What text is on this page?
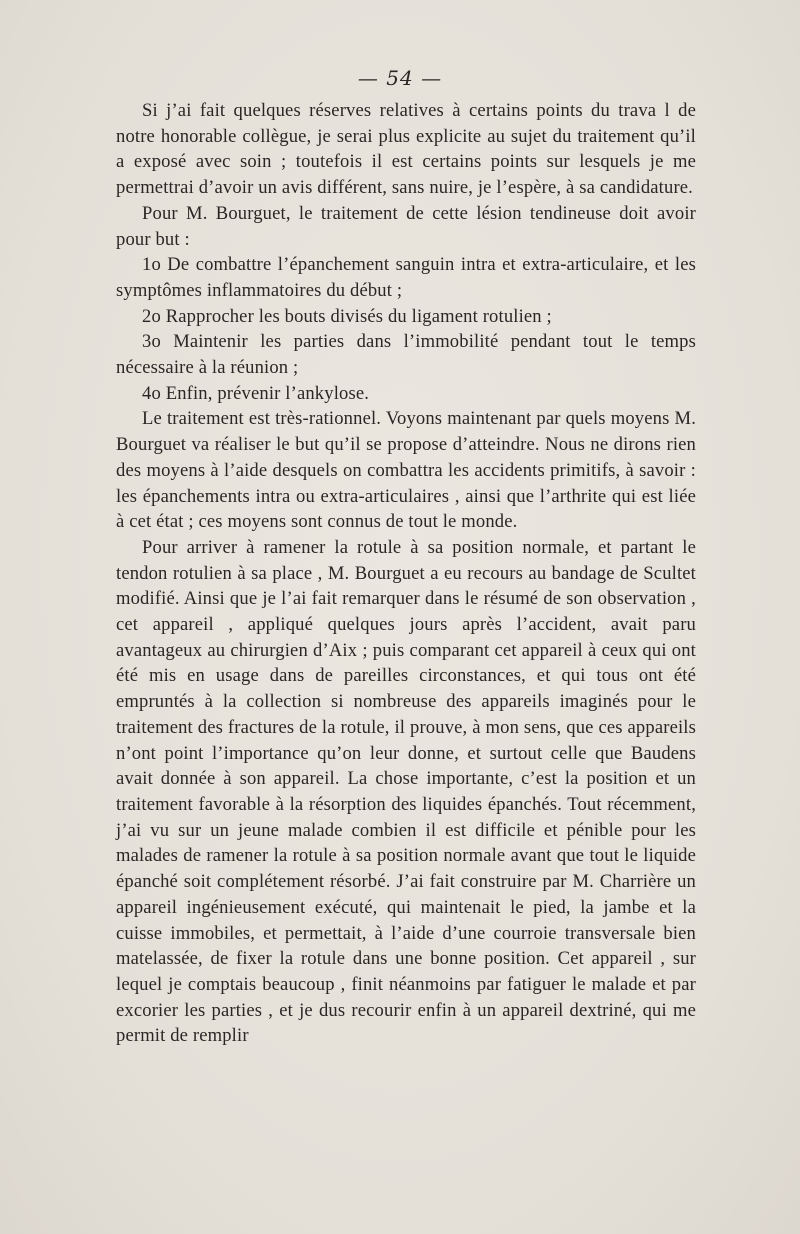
— 54 —

Si j’ai fait quelques réserves relatives à certains points du trava l de notre honorable collègue, je serai plus explicite au sujet du traitement qu’il a exposé avec soin ; toutefois il est certains points sur lesquels je me permettrai d’avoir un avis différent, sans nuire, je l’espère, à sa candidature.

Pour M. Bourguet, le traitement de cette lésion tendineuse doit avoir pour but :

1o De combattre l’épanchement sanguin intra et extra-articulaire, et les symptômes inflammatoires du début ;

2o Rapprocher les bouts divisés du ligament rotulien ;

3o Maintenir les parties dans l’immobilité pendant tout le temps nécessaire à la réunion ;

4o Enfin, prévenir l’ankylose.

Le traitement est très-rationnel. Voyons maintenant par quels moyens M. Bourguet va réaliser le but qu’il se propose d’atteindre. Nous ne dirons rien des moyens à l’aide desquels on combattra les accidents primitifs, à savoir : les épanchements intra ou extra-articulaires , ainsi que l’arthrite qui est liée à cet état ; ces moyens sont connus de tout le monde.

Pour arriver à ramener la rotule à sa position normale, et partant le tendon rotulien à sa place , M. Bourguet a eu recours au bandage de Scultet modifié. Ainsi que je l’ai fait remarquer dans le résumé de son observation , cet appareil , appliqué quelques jours après l’accident, avait paru avantageux au chirurgien d’Aix ; puis comparant cet appareil à ceux qui ont été mis en usage dans de pareilles circonstances, et qui tous ont été empruntés à la collection si nombreuse des appareils imaginés pour le traitement des fractures de la rotule, il prouve, à mon sens, que ces appareils n’ont point l’importance qu’on leur donne, et surtout celle que Baudens avait donnée à son appareil. La chose importante, c’est la position et un traitement favorable à la résorption des liquides épanchés. Tout récemment, j’ai vu sur un jeune malade combien il est difficile et pénible pour les malades de ramener la rotule à sa position normale avant que tout le liquide épanché soit complétement résorbé. J’ai fait construire par M. Charrière un appareil ingénieusement exécuté, qui maintenait le pied, la jambe et la cuisse immobiles, et permettait, à l’aide d’une courroie transversale bien matelassée, de fixer la rotule dans une bonne position. Cet appareil , sur lequel je comptais beaucoup , finit néanmoins par fatiguer le malade et par excorier les parties , et je dus recourir enfin à un appareil dextriné, qui me permit de remplir
